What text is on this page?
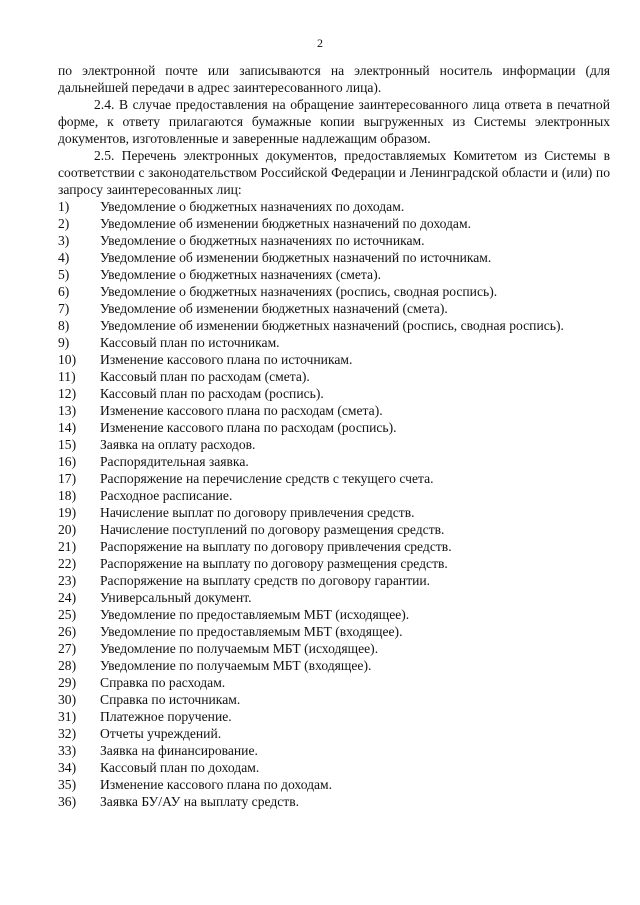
2

по электронной почте или записываются на электронный носитель информации (для дальнейшей передачи в адрес заинтересованного лица).

2.4. В случае предоставления на обращение заинтересованного лица ответа в печатной форме, к ответу прилагаются бумажные копии выгруженных из Системы электронных документов, изготовленные и заверенные надлежащим образом.

2.5. Перечень электронных документов, предоставляемых Комитетом из Системы в соответствии с законодательством Российской Федерации и Ленинградской области и (или) по запросу заинтересованных лиц:

1)	Уведомление о бюджетных назначениях по доходам.
2)	Уведомление об изменении бюджетных назначений по доходам.
3)	Уведомление о бюджетных назначениях по источникам.
4)	Уведомление об изменении бюджетных назначений по источникам.
5)	Уведомление о бюджетных назначениях (смета).
6)	Уведомление о бюджетных назначениях (роспись, сводная роспись).
7)	Уведомление об изменении бюджетных назначений (смета).
8)	Уведомление об изменении бюджетных назначений (роспись, сводная роспись).
9)	Кассовый план по источникам.
10)	Изменение кассового плана по источникам.
11)	Кассовый план по расходам (смета).
12)	Кассовый план по расходам (роспись).
13)	Изменение кассового плана по расходам (смета).
14)	Изменение кассового плана по расходам (роспись).
15)	Заявка на оплату расходов.
16)	Распорядительная заявка.
17)	Распоряжение на перечисление средств с текущего счета.
18)	Расходное расписание.
19)	Начисление выплат по договору привлечения средств.
20)	Начисление поступлений по договору размещения средств.
21)	Распоряжение на выплату по договору привлечения средств.
22)	Распоряжение на выплату по договору размещения средств.
23)	Распоряжение на выплату средств по договору гарантии.
24)	Универсальный документ.
25)	Уведомление по предоставляемым МБТ (исходящее).
26)	Уведомление по предоставляемым МБТ (входящее).
27)	Уведомление по получаемым МБТ (исходящее).
28)	Уведомление по получаемым МБТ (входящее).
29)	Справка по расходам.
30)	Справка по источникам.
31)	Платежное поручение.
32)	Отчеты учреждений.
33)	Заявка на финансирование.
34)	Кассовый план по доходам.
35)	Изменение кассового плана по доходам.
36)	Заявка БУ/АУ на выплату средств.
